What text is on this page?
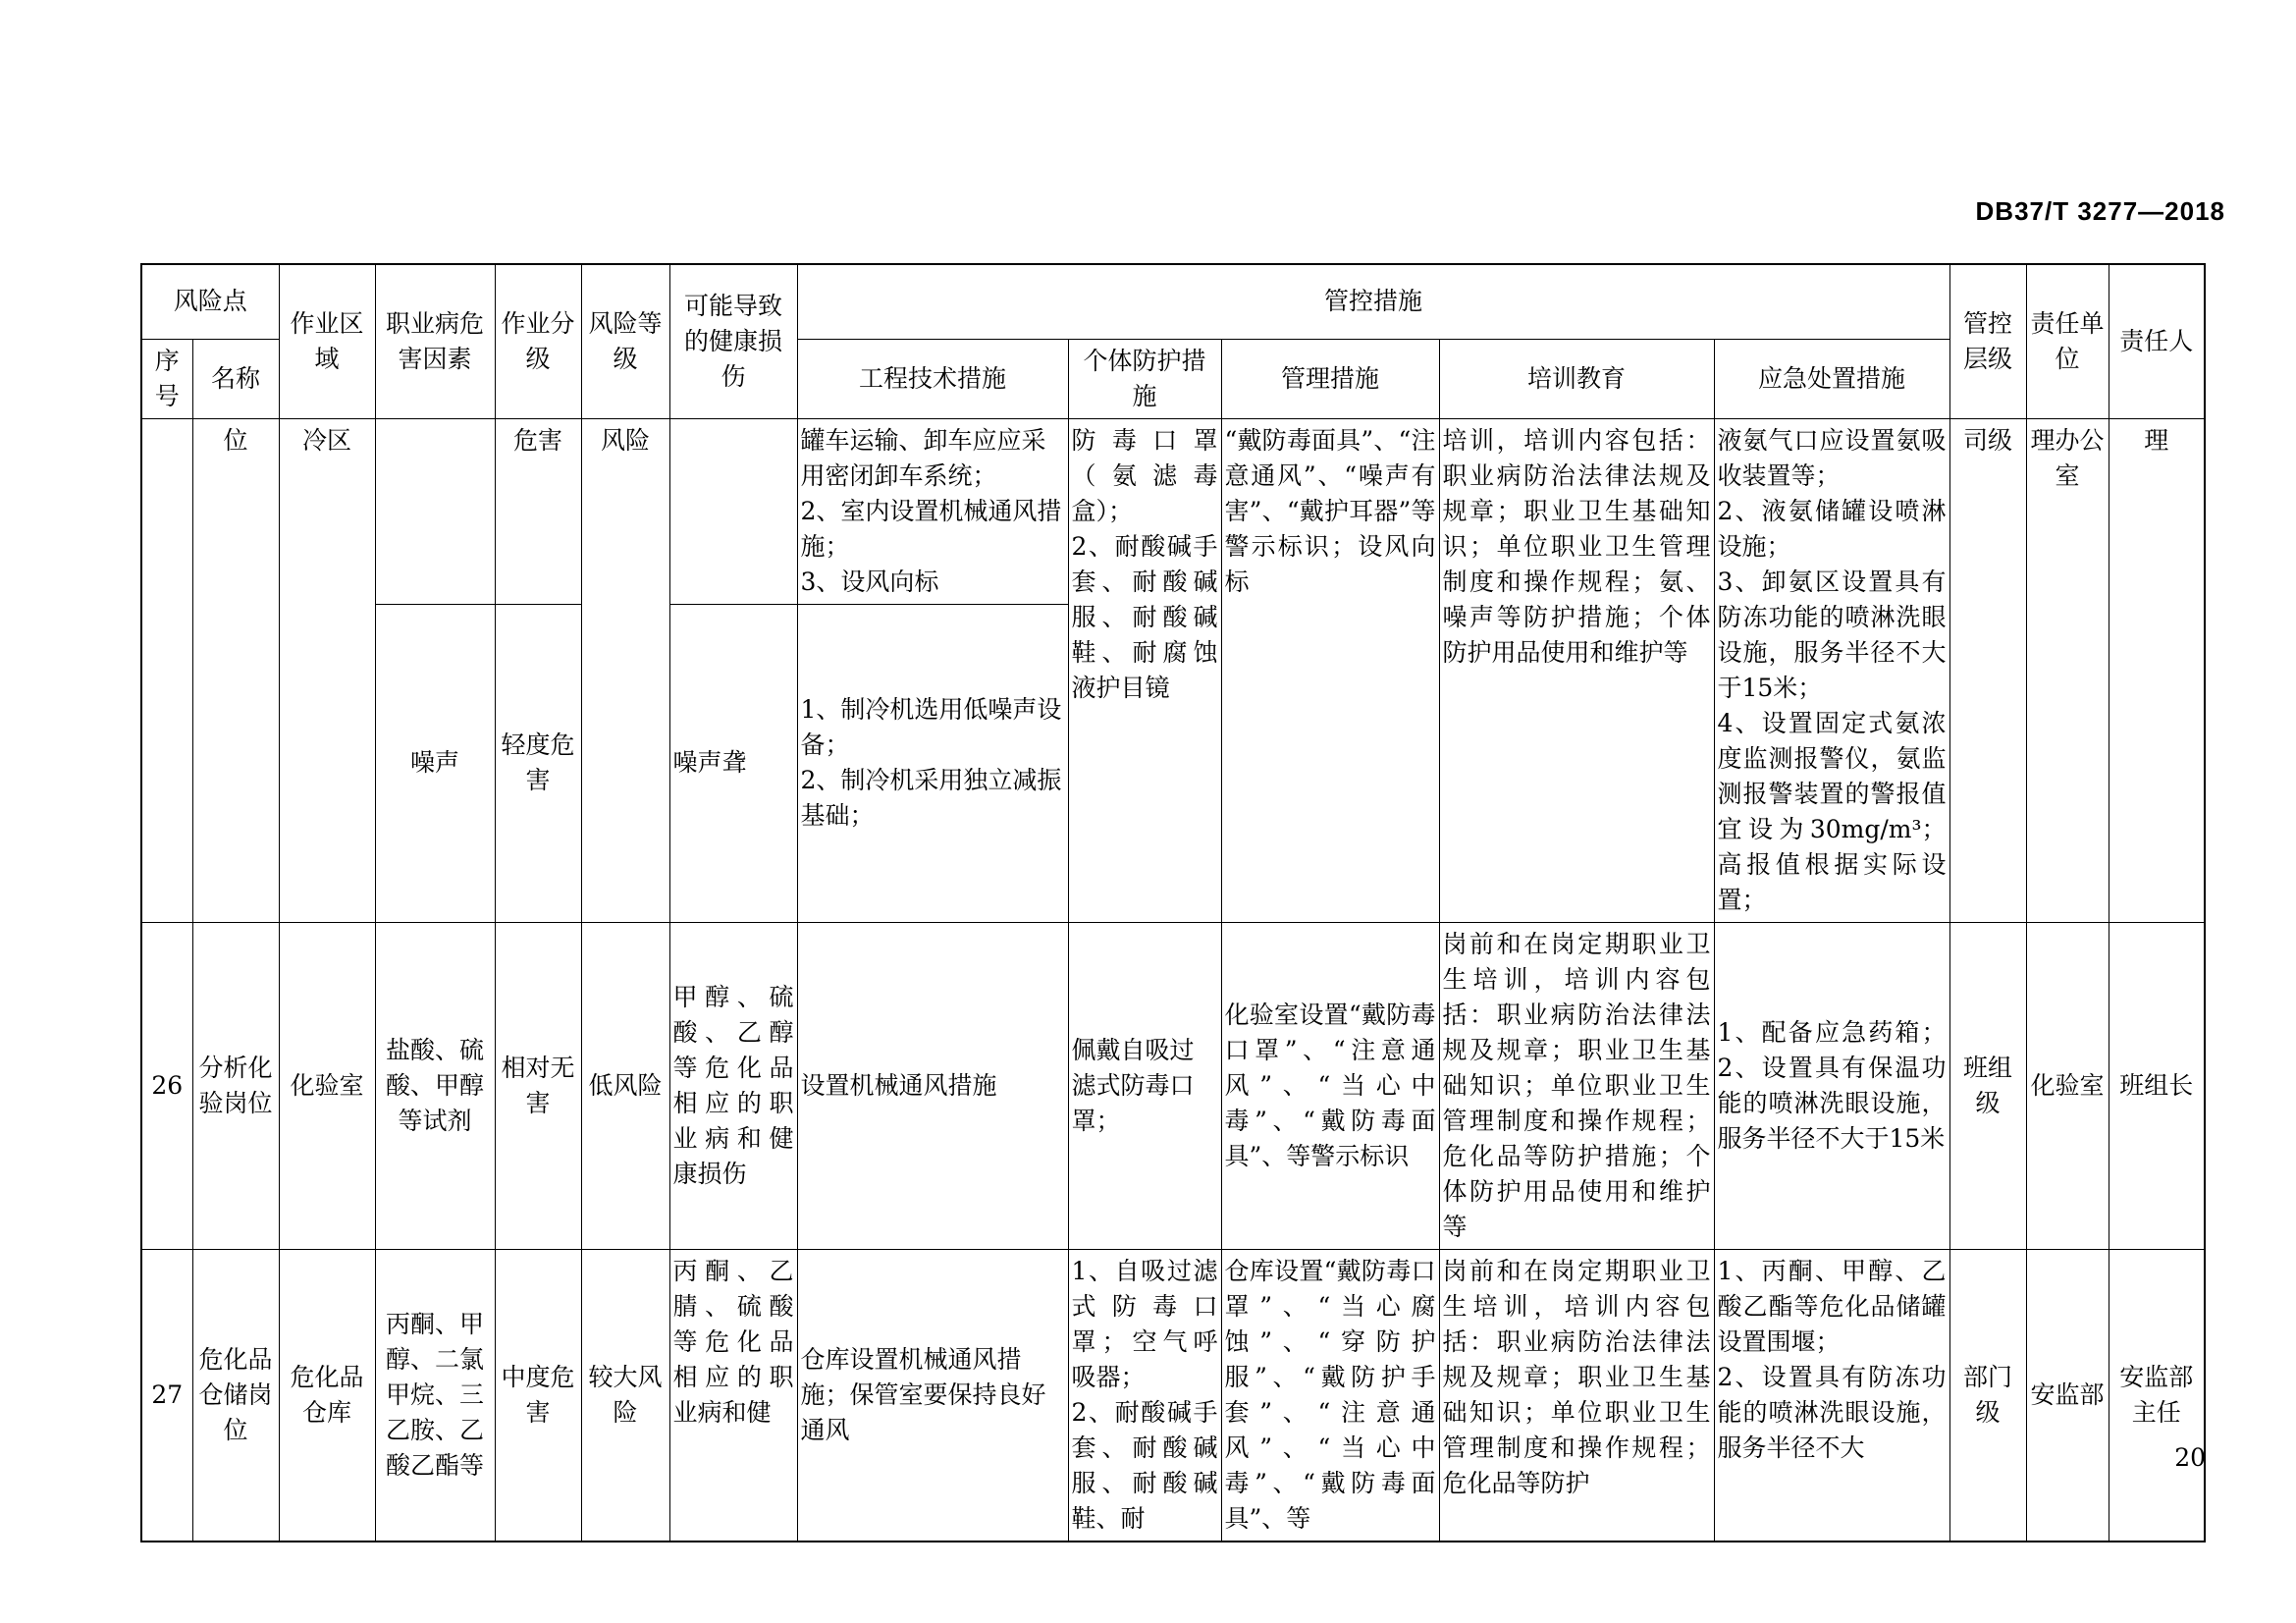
DB37/T 3277—2018
风险点		作业区域	职业病危害因素	作业分级	风险等级	可能导致的健康损伤	管控措施					管控层级	责任单位	责任人
序号	名称						工程技术措施	个体防护措施	管理措施	培训教育	应急处置措施			
	位	冷区		危害	风险		罐车运输、卸车应应采用密闭卸车系统；
2、室内设置机械通风措施；
3、设风向标	防毒口罩（氨滤毒盒）；
2、耐酸碱手套、耐酸碱服、耐酸碱鞋、耐腐蚀液护目镜	“戴防毒面具”、“注意通风”、“噪声有害”、“戴护耳器”等警示标识；设风向标	培训，培训内容包括：职业病防治法律法规及规章；职业卫生基础知识；单位职业卫生管理制度和操作规程；氨、噪声等防护措施；个体防护用品使用和维护等	液氨气口应设置氨吸收装置等；
2、液氨储罐设喷淋设施；
3、卸氨区设置具有防冻功能的喷淋洗眼设施，服务半径不大于15米；
4、设置固定式氨浓度监测报警仪，氨监测报警装置的警报值宜设为30mg/m³；高报值根据实际设置；	司级	理办公室	理
			噪声	轻度危害		噪声聋	1、制冷机选用低噪声设备；
2、制冷机采用独立减振基础；							
26	分析化验岗位	化验室	盐酸、硫酸、甲醇等试剂	相对无害	低风险	甲醇、硫酸、乙醇等危化品相应的职业病和健康损伤	设置机械通风措施	佩戴自吸过滤式防毒口罩；	化验室设置“戴防毒口罩”、“注意通风”、“当心中毒”、“戴防毒面具”、等警示标识	岗前和在岗定期职业卫生培训，培训内容包括：职业病防治法律法规及规章；职业卫生基础知识；单位职业卫生管理制度和操作规程；危化品等防护措施；个体防护用品使用和维护等	1、配备应急药箱；2、设置具有保温功能的喷淋洗眼设施，服务半径不大于15米	班组级	化验室	班组长
27	危化品仓储岗位	危化品仓库	丙酮、甲醇、二氯甲烷、三乙胺、乙酸乙酯等	中度危害	较大风险	丙酮、乙腈、硫酸等危化品相应的职业病和健	仓库设置机械通风措施；保管室要保持良好通风	1、自吸过滤式防毒口罩；空气呼吸器；
2、耐酸碱手套、耐酸碱服、耐酸碱鞋、耐	仓库设置“戴防毒口罩”、“当心腐蚀”、“穿防护服”、“戴防护手套”、“注意通风”、“当心中毒”、“戴防毒面具”、等	岗前和在岗定期职业卫生培训，培训内容包括：职业病防治法律法规及规章；职业卫生基础知识；单位职业卫生管理制度和操作规程；危化品等防护	1、丙酮、甲醇、乙酸乙酯等危化品储罐设置围堰；
2、设置具有防冻功能的喷淋洗眼设施，服务半径不大	部门级	安监部	安监部主任
20
